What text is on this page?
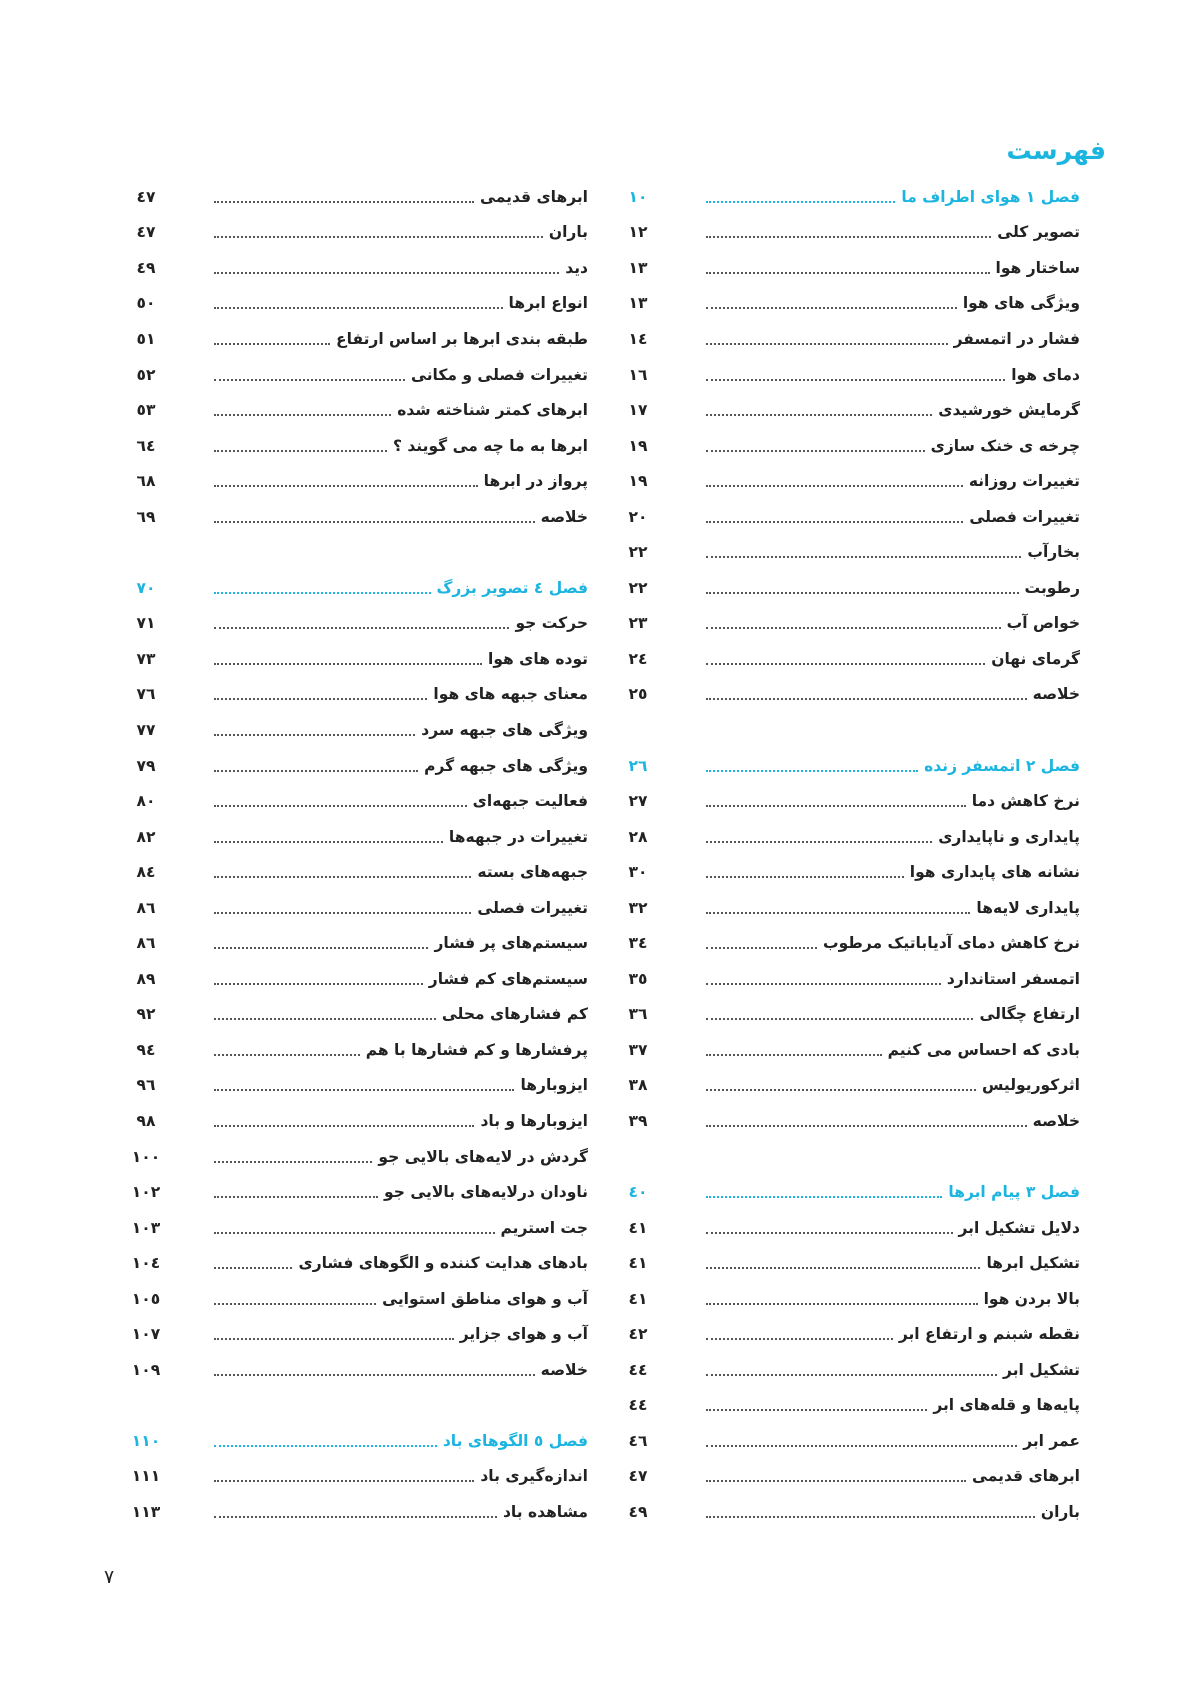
فهرست
فصل ۱ هوای اطراف ما
۱۰
تصویر کلی
۱۲
ساختار هوا
۱۳
ویژگی های هوا
۱۳
فشار در اتمسفر
۱٤
دمای هوا
۱٦
گرمایش خورشیدی
۱۷
چرخه ی خنک سازی
۱۹
تغییرات روزانه
۱۹
تغییرات فصلی
۲۰
بخارآب
۲۲
رطوبت
۲۲
خواص آب
۲۳
گرمای نهان
۲٤
خلاصه
۲٥
فصل ۲ اتمسفر زنده
۲٦
نرخ کاهش دما
۲۷
پایداری و ناپایداری
۲۸
نشانه های پایداری هوا
۳۰
پایداری لایه‌ها
۳۲
نرخ کاهش دمای آدیاباتیک مرطوب
۳٤
اتمسفر استاندارد
۳٥
ارتفاع چگالی
۳٦
بادی که احساس می کنیم
۳۷
اثرکوریولیس
۳۸
خلاصه
۳۹
فصل ۳ پیام ابرها
٤۰
دلایل تشکیل ابر
٤۱
تشکیل ابرها
٤۱
بالا بردن هوا
٤۱
نقطه شبنم و ارتفاع ابر
٤۲
تشکیل ابر
٤٤
پایه‌ها و قله‌های ابر
٤٤
عمر ابر
٤٦
ابرهای قدیمی
٤۷
باران
٤۹
ابرهای قدیمی
٤۷
باران
٤۷
دید
٤۹
انواع ابرها
٥۰
طبقه بندی ابرها بر اساس ارتفاع
٥۱
تغییرات فصلی و مکانی
٥۲
ابرهای کمتر شناخته شده
٥۳
ابرها به ما چه می گویند ؟
٦٤
پرواز در ابرها
٦۸
خلاصه
٦۹
فصل ٤ تصویر بزرگ
۷۰
حرکت جو
۷۱
توده های هوا
۷۳
معنای جبهه های هوا
۷٦
ویژگی های جبهه سرد
۷۷
ویژگی های جبهه گرم
۷۹
فعالیت جبهه‌ای
۸۰
تغییرات در جبهه‌ها
۸۲
جبهه‌های بسته
۸٤
تغییرات فصلی
۸٦
سیستم‌های پر فشار
۸٦
سیستم‌های کم فشار
۸۹
کم فشارهای محلی
۹۲
پرفشارها و کم فشارها با هم
۹٤
ایزوبارها
۹٦
ایزوبارها و باد
۹۸
گردش در لایه‌های بالایی جو
۱۰۰
ناودان درلایه‌های بالایی جو
۱۰۲
جت استریم
۱۰۳
بادهای هدایت کننده و الگوهای فشاری
۱۰٤
آب و هوای مناطق استوایی
۱۰٥
آب و هوای جزایر
۱۰۷
خلاصه
۱۰۹
فصل ٥ الگوهای باد
۱۱۰
اندازه‌گیری باد
۱۱۱
مشاهده باد
۱۱۳
۷
